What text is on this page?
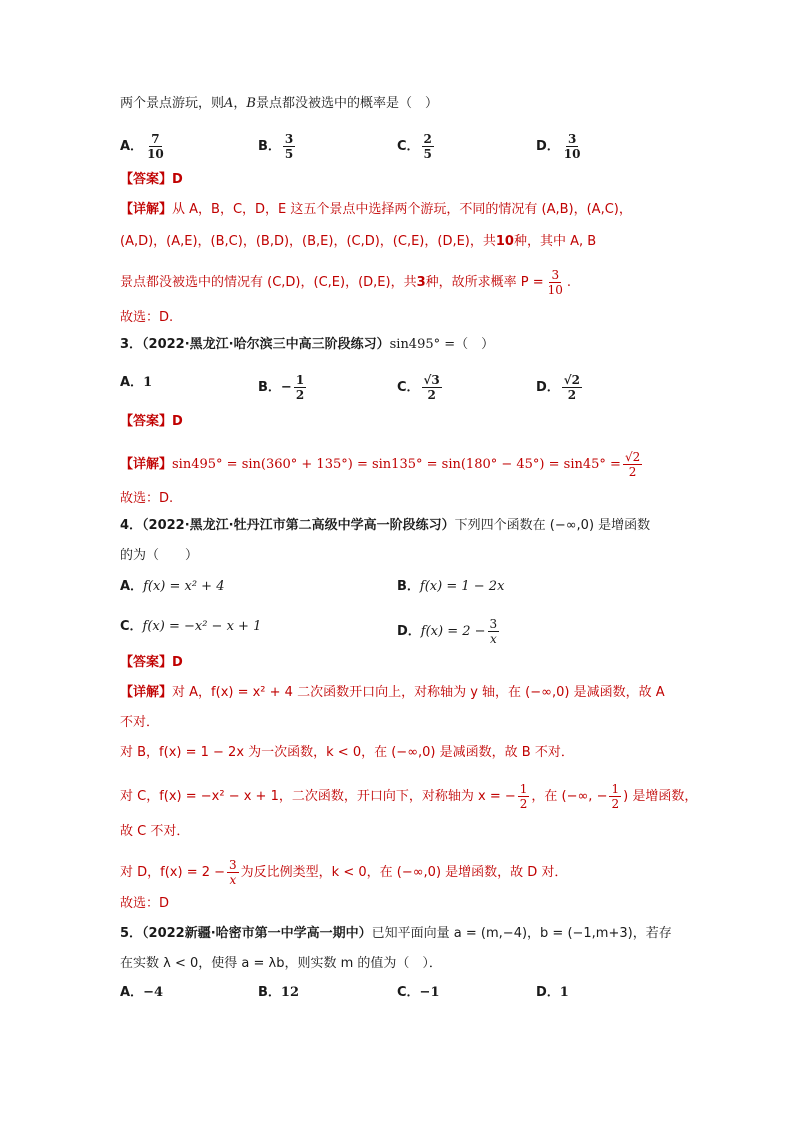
两个景点游玩，则A，B景点都没被选中的概率是（　）
A． $\frac{7}{10}$	B． $\frac{3}{5}$	C． $\frac{2}{5}$	D． $\frac{3}{10}$
【答案】D
【详解】从 A，B，C，D，E 这五个景点中选择两个游玩，不同的情况有 (A,B)，(A,C)，
(A,D)，(A,E)，(B,C)，(B,D)，(B,E)，(C,D)，(C,E)，(D,E)，共10种，其中 A, B
景点都没被选中的情况有 (C,D)，(C,E)，(D,E)，共3种，故所求概率 $P = \frac{3}{10}$ .
故选：D.
3．（2022·黑龙江·哈尔滨三中高三阶段练习）sin495° =（　）
A．1	B．− $\frac{1}{2}$	C． $\frac{√3}{2}$	D． $\frac{√2}{2}$
【答案】D
【详解】$\sin 495^\circ = \sin(360^\circ + 135^\circ) = \sin 135^\circ = \sin(180^\circ - 45^\circ) = \sin 45^\circ = \frac{√2}{2}$
故选：D.
4．（2022·黑龙江·牡丹江市第二高级中学高一阶段练习）下列四个函数在 (−∞,0) 是增函数
的为（　　）
A．f(x) = x² + 4	B．f(x) = 1 − 2x
C．f(x) = −x² − x + 1	D．$f(x) = 2 - \frac{3}{x}$
【答案】D
【详解】对 A，f(x) = x² + 4 二次函数开口向上，对称轴为 y 轴，在 (−∞,0) 是减函数，故 A
不对．
对 B，f(x) = 1 − 2x 为一次函数，k < 0，在 (−∞,0) 是减函数，故 B 不对．
对 C，f(x) = −x² − x + 1，二次函数，开口向下，对称轴为 x = − $\frac{1}{2}$ ，在 (−∞, − $\frac{1}{2}$ ) 是增函数，
故 C 不对．
对 D，$f(x) = 2 - \frac{3}{x}$ 为反比例类型，k < 0，在 (−∞,0) 是增函数，故 D 对．
故选：D
5．（2022新疆·哈密市第一中学高一期中）已知平面向量 a = (m,−4)，b = (−1,m+3)，若存
在实数 λ < 0，使得 a = λb，则实数 m 的值为（　）．
A．−4	B．12	C．−1	D．1
